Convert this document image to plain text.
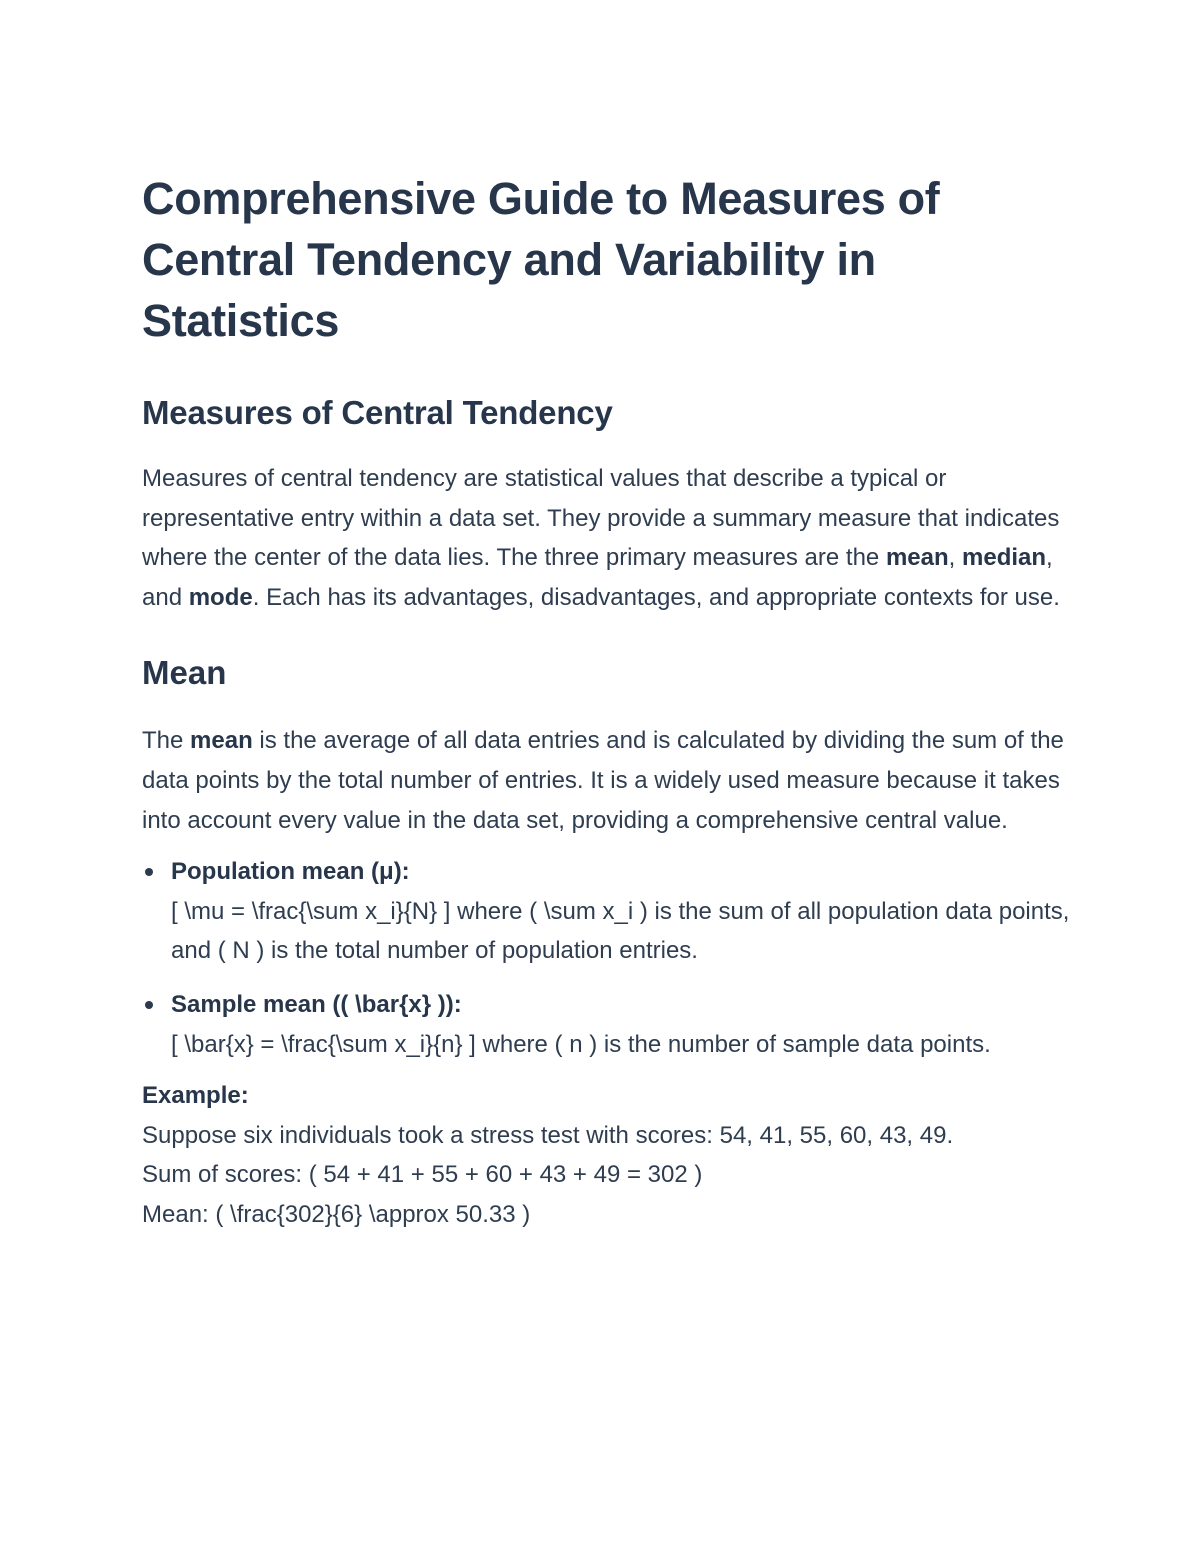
Comprehensive Guide to Measures of Central Tendency and Variability in Statistics
Measures of Central Tendency

Measures of central tendency are statistical values that describe a typical or representative entry within a data set. They provide a summary measure that indicates where the center of the data lies. The three primary measures are the mean, median, and mode. Each has its advantages, disadvantages, and appropriate contexts for use.

Mean

The mean is the average of all data entries and is calculated by dividing the sum of the data points by the total number of entries. It is a widely used measure because it takes into account every value in the data set, providing a comprehensive central value.

Population mean (μ):
[ \mu = \frac{\sum x_i}{N} ] where ( \sum x_i ) is the sum of all population data points, and ( N ) is the total number of population entries.
Sample mean (( \bar{x} )):
[ \bar{x} = \frac{\sum x_i}{n} ] where ( n ) is the number of sample data points.
Example:
Suppose six individuals took a stress test with scores: 54, 41, 55, 60, 43, 49.
Sum of scores: ( 54 + 41 + 55 + 60 + 43 + 49 = 302 )
Mean: ( \frac{302}{6} \approx 50.33 )
